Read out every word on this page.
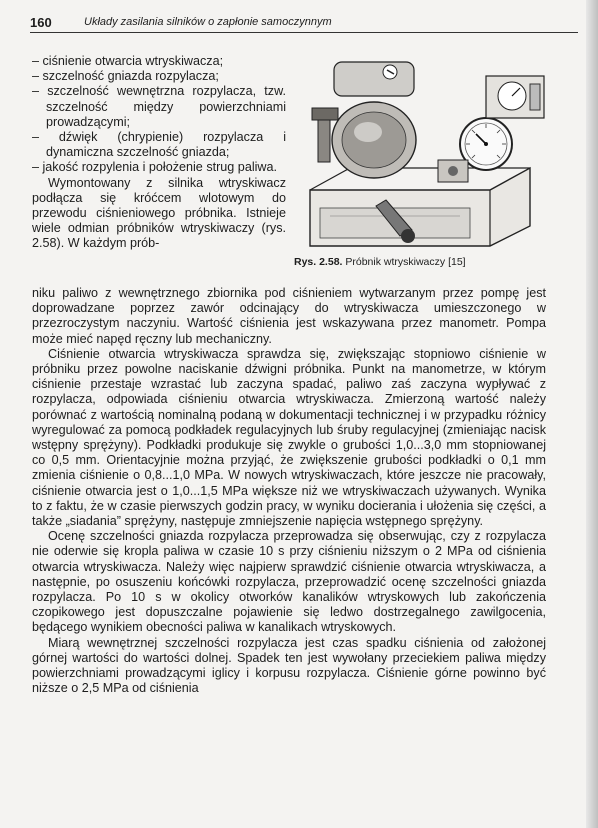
160	Układy zasilania silników o zapłonie samoczynnym
– ciśnienie otwarcia wtryskiwacza;
– szczelność gniazda rozpylacza;
– szczelność wewnętrzna rozpylacza, tzw. szczelność między powierzchniami prowadzącymi;
– dźwięk (chrypienie) rozpylacza i dynamiczna szczelność gniazda;
– jakość rozpylenia i położenie strug paliwa.
Wymontowany z silnika wtryskiwacz podłącza się króćcem wlotowym do przewodu ciśnieniowego próbnika. Istnieje wiele odmian próbników wtryskiwaczy (rys. 2.58). W każdym prób-
Rys. 2.58. Próbnik wtryskiwaczy [15]

niku paliwo z wewnętrznego zbiornika pod ciśnieniem wytwarzanym przez pompę jest doprowadzane poprzez zawór odcinający do wtryskiwacza umieszczonego w przezroczystym naczyniu. Wartość ciśnienia jest wskazywana przez manometr. Pompa może mieć napęd ręczny lub mechaniczny.

Ciśnienie otwarcia wtryskiwacza sprawdza się, zwiększając stopniowo ciśnienie w próbniku przez powolne naciskanie dźwigni próbnika. Punkt na manometrze, w którym ciśnienie przestaje wzrastać lub zaczyna spadać, paliwo zaś zaczyna wypływać z rozpylacza, odpowiada ciśnieniu otwarcia wtryskiwacza. Zmierzoną wartość należy porównać z wartością nominalną podaną w dokumentacji technicznej i w przypadku różnicy wyregulować za pomocą podkładek regulacyjnych lub śruby regulacyjnej (zmieniając nacisk wstępny sprężyny). Podkładki produkuje się zwykle o grubości 1,0...3,0 mm stopniowanej co 0,5 mm. Orientacyjnie można przyjąć, że zwiększenie grubości podkładki o 0,1 mm zmienia ciśnienie o 0,8...1,0 MPa. W nowych wtryskiwaczach, które jeszcze nie pracowały, ciśnienie otwarcia jest o 1,0...1,5 MPa większe niż we wtryskiwaczach używanych. Wynika to z faktu, że w czasie pierwszych godzin pracy, w wyniku docierania i ułożenia się części, a także „siadania” sprężyny, następuje zmniejszenie napięcia wstępnego sprężyny.

Ocenę szczelności gniazda rozpylacza przeprowadza się obserwując, czy z rozpylacza nie oderwie się kropla paliwa w czasie 10 s przy ciśnieniu niższym o 2 MPa od ciśnienia otwarcia wtryskiwacza. Należy więc najpierw sprawdzić ciśnienie otwarcia wtryskiwacza, a następnie, po osuszeniu końcówki rozpylacza, przeprowadzić ocenę szczelności gniazda rozpylacza. Po 10 s w okolicy otworków kanalików wtryskowych lub zakończenia czopikowego jest dopuszczalne pojawienie się ledwo dostrzegalnego zawilgocenia, będącego wynikiem obecności paliwa w kanalikach wtryskowych.

Miarą wewnętrznej szczelności rozpylacza jest czas spadku ciśnienia od założonej górnej wartości do wartości dolnej. Spadek ten jest wywołany przeciekiem paliwa między powierzchniami prowadzącymi iglicy i korpusu rozpylacza. Ciśnienie górne powinno być niższe o 2,5 MPa od ciśnienia
